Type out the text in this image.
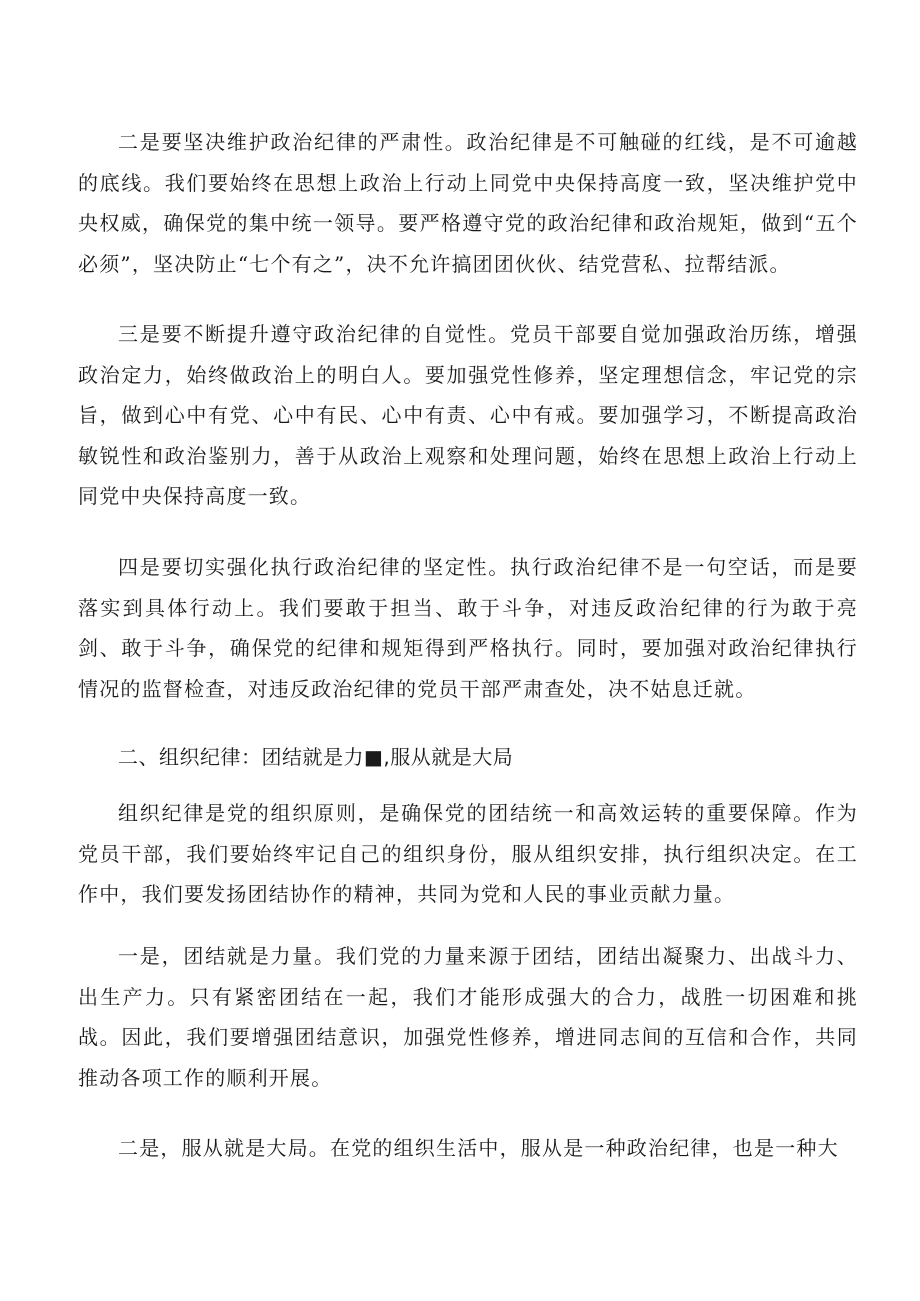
二是要坚决维护政治纪律的严肃性。政治纪律是不可触碰的红线，是不可逾越的底线。我们要始终在思想上政治上行动上同党中央保持高度一致，坚决维护党中央权威，确保党的集中统一领导。要严格遵守党的政治纪律和政治规矩，做到“五个必须”，坚决防止“七个有之”，决不允许搞团团伙伙、结党营私、拉帮结派。

三是要不断提升遵守政治纪律的自觉性。党员干部要自觉加强政治历练，增强政治定力，始终做政治上的明白人。要加强党性修养，坚定理想信念，牢记党的宗旨，做到心中有党、心中有民、心中有责、心中有戒。要加强学习，不断提高政治敏锐性和政治鉴别力，善于从政治上观察和处理问题，始终在思想上政治上行动上同党中央保持高度一致。

四是要切实强化执行政治纪律的坚定性。执行政治纪律不是一句空话，而是要落实到具体行动上。我们要敢于担当、敢于斗争，对违反政治纪律的行为敢于亮剑、敢于斗争，确保党的纪律和规矩得到严格执行。同时，要加强对政治纪律执行情况的监督检查，对违反政治纪律的党员干部严肃查处，决不姑息迁就。

二、组织纪律：团结就是力■,服从就是大局

组织纪律是党的组织原则，是确保党的团结统一和高效运转的重要保障。作为党员干部，我们要始终牢记自己的组织身份，服从组织安排，执行组织决定。在工作中，我们要发扬团结协作的精神，共同为党和人民的事业贡献力量。

一是，团结就是力量。我们党的力量来源于团结，团结出凝聚力、出战斗力、出生产力。只有紧密团结在一起，我们才能形成强大的合力，战胜一切困难和挑战。因此，我们要增强团结意识，加强党性修养，增进同志间的互信和合作，共同推动各项工作的顺利开展。

二是，服从就是大局。在党的组织生活中，服从是一种政治纪律，也是一种大
